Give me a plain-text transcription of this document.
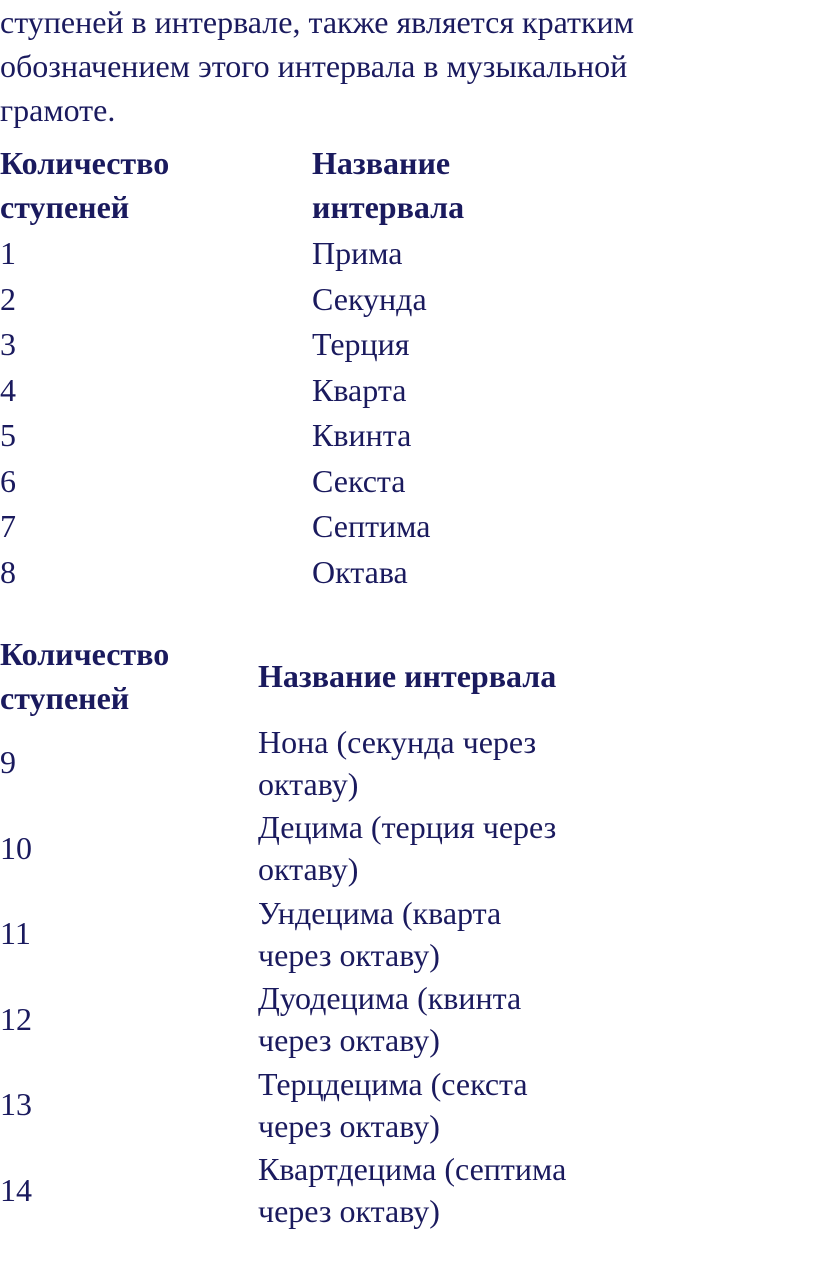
ступеней в интервале, также является кратким
обозначением этого интервала в музыкальной
грамоте.

Количество
ступеней	Название
интервала
1	Прима
2	Секунда
3	Терция
4	Кварта
5	Квинта
6	Секста
7	Септима
8	Октава
Количество
ступеней	Название интервала
9	Нона (секунда через
октаву)
10	Децима (терция через
октаву)
11	Ундецима (кварта
через октаву)
12	Дуодецима (квинта
через октаву)
13	Терцдецима (секста
через октаву)
14	Квартдецима (септима
через октаву)
